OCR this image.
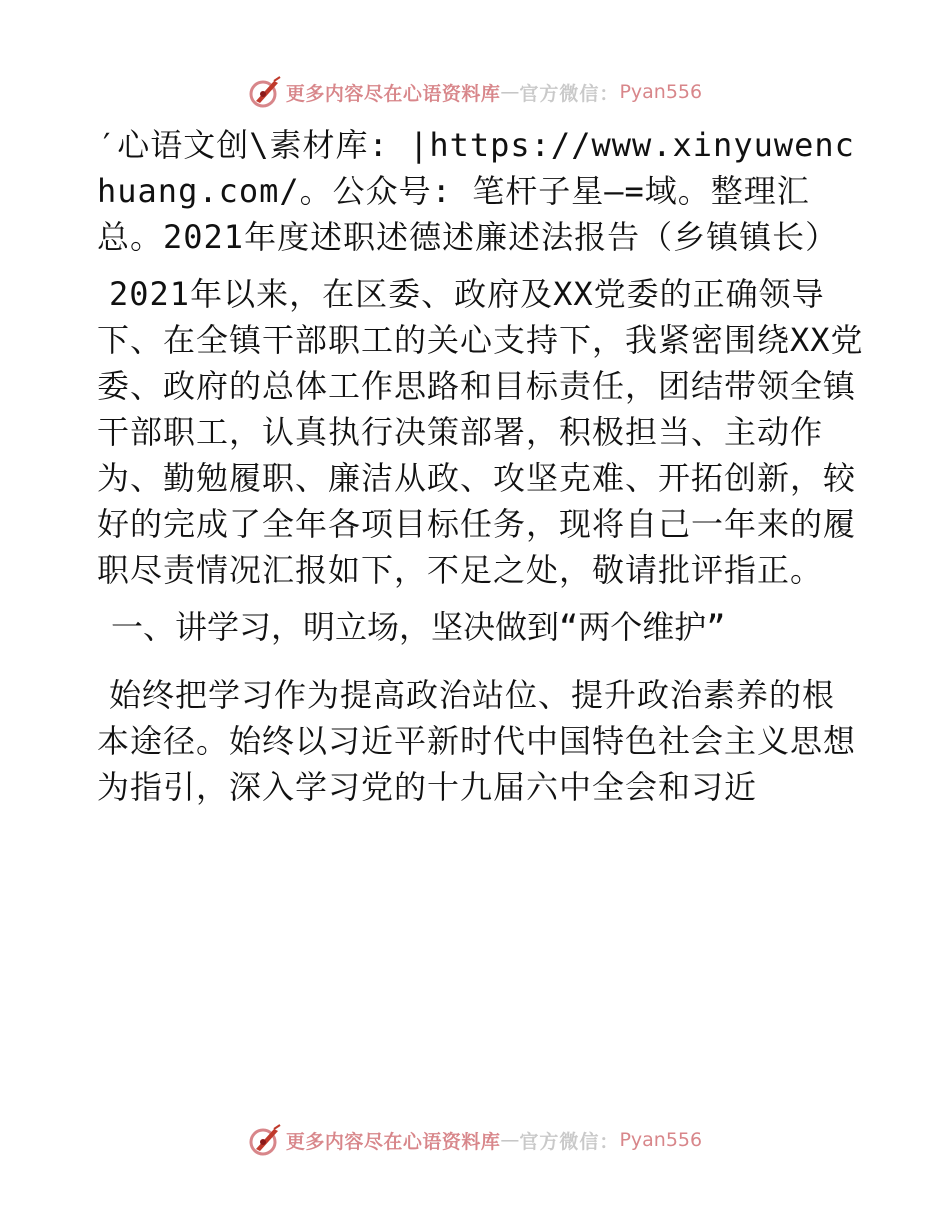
更多内容尽在心语资料库 — 官方微信： Pyan556

′心语文创\素材库: |https://www.xinyuwenchuang.com/。公众号: 笔杆子星—=域。整理汇总。2021年度述职述德述廉述法报告（乡镇镇长）

2021年以来，在区委、政府及XX党委的正确领导下、在全镇干部职工的关心支持下，我紧密围绕XX党委、政府的总体工作思路和目标责任，团结带领全镇干部职工，认真执行决策部署，积极担当、主动作为、勤勉履职、廉洁从政、攻坚克难、开拓创新，较好的完成了全年各项目标任务，现将自己一年来的履职尽责情况汇报如下，不足之处，敬请批评指正。

一、讲学习，明立场，坚决做到“两个维护”

始终把学习作为提高政治站位、提升政治素养的根本途径。始终以习近平新时代中国特色社会主义思想为指引，深入学习党的十九届六中全会和习近

更多内容尽在心语资料库 — 官方微信： Pyan556
